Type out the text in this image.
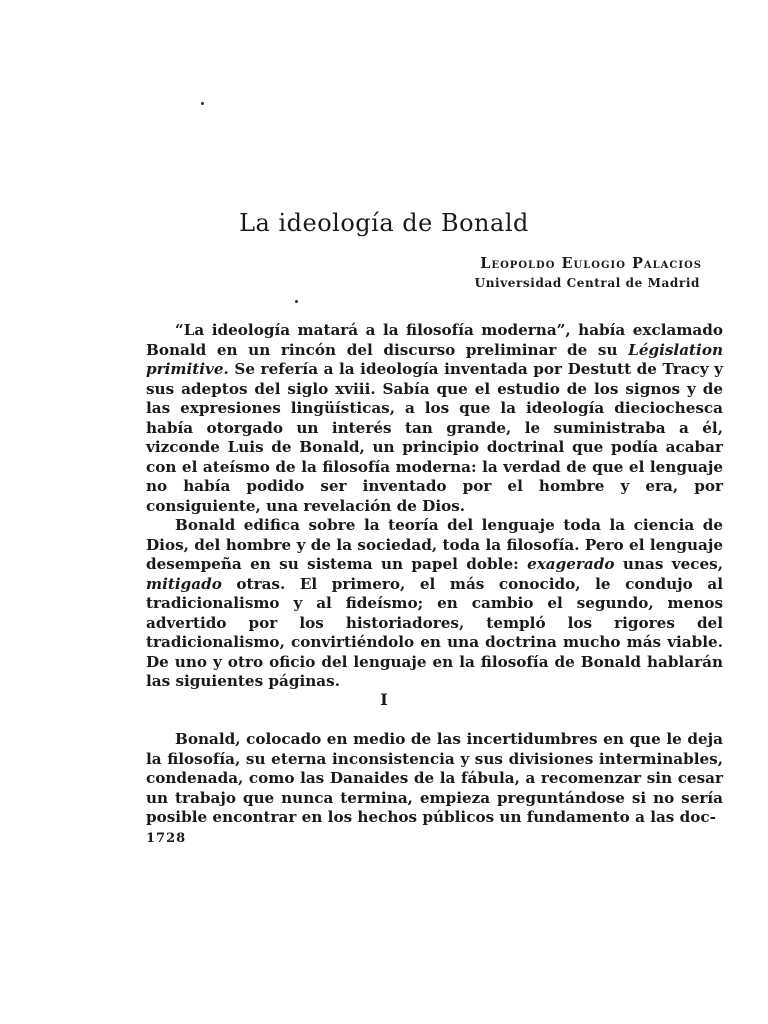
La ideología de Bonald

Leopoldo Eulogio Palacios

Universidad Central de Madrid

“La ideología matará a la filosofía moderna”, había exclamado Bonald en un rincón del discurso preliminar de su Législation primitive. Se refería a la ideología inventada por Destutt de Tracy y sus adeptos del siglo xviii. Sabía que el estudio de los signos y de las expresiones lingüísticas, a los que la ideología dieciochesca había otorgado un interés tan grande, le suministraba a él, vizconde Luis de Bonald, un principio doctrinal que podía acabar con el ateísmo de la filosofía moderna: la verdad de que el lenguaje no había podido ser inventado por el hombre y era, por consiguiente, una revelación de Dios.

Bonald edifica sobre la teoría del lenguaje toda la ciencia de Dios, del hombre y de la sociedad, toda la filosofía. Pero el lenguaje desempeña en su sistema un papel doble: exagerado unas veces, mitigado otras. El primero, el más conocido, le condujo al tradicionalismo y al fideísmo; en cambio el segundo, menos advertido por los historiadores, templó los rigores del tradicionalismo, convirtiéndolo en una doctrina mucho más viable. De uno y otro oficio del lenguaje en la filosofía de Bonald hablarán las siguientes páginas.

I

Bonald, colocado en medio de las incertidumbres en que le deja la filosofía, su eterna inconsistencia y sus divisiones interminables, condenada, como las Danaides de la fábula, a recomenzar sin cesar un trabajo que nunca termina, empieza preguntándose si no sería posible encontrar en los hechos públicos un fundamento a las doc-

1728
